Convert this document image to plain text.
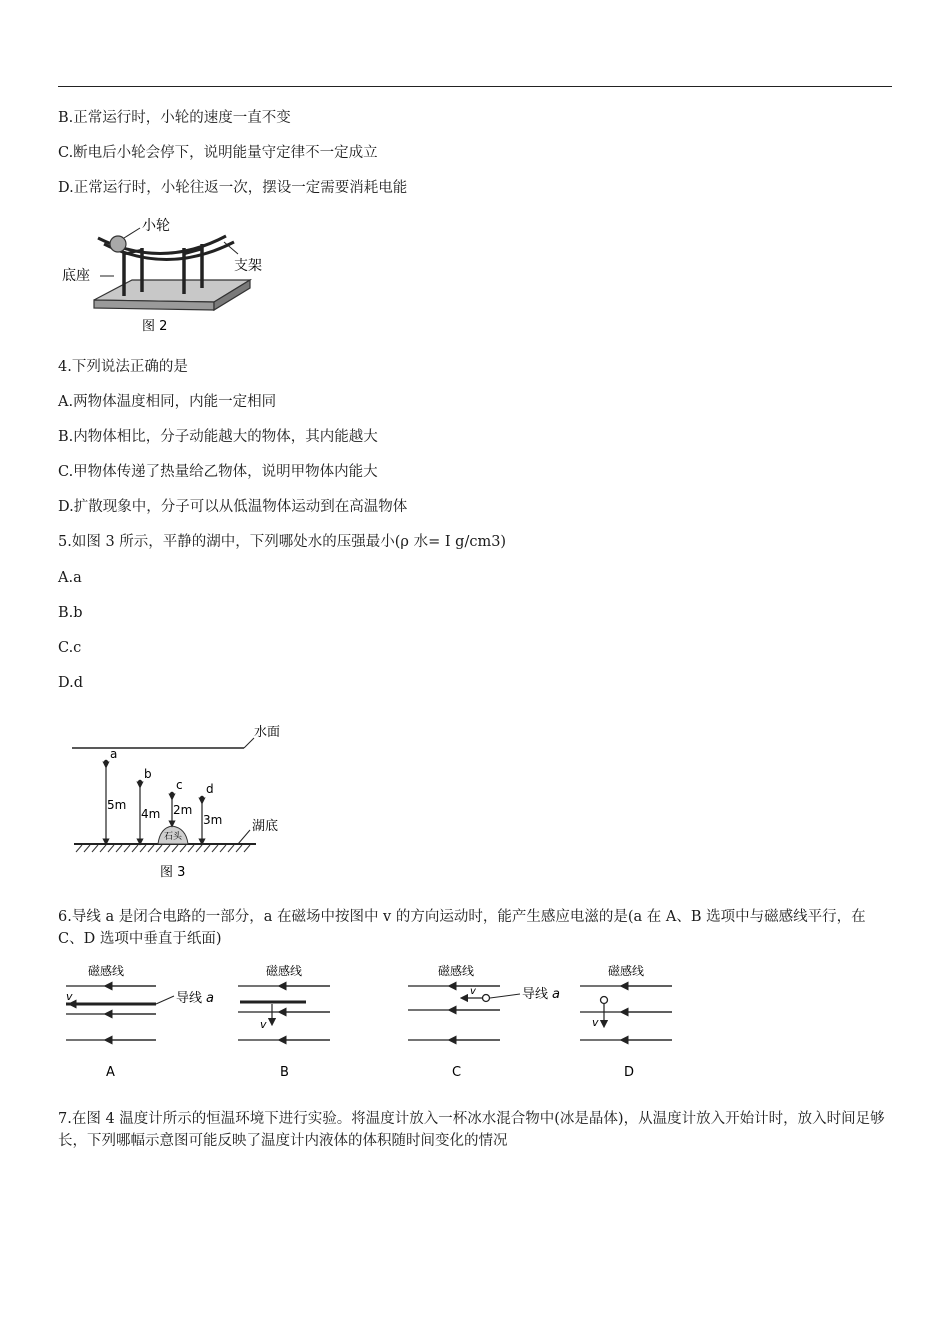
B.正常运行时，小轮的速度一直不变
C.断电后小轮会停下，说明能量守定律不一定成立
D.正常运行时，小轮往返一次，摆设一定需要消耗电能
小轮
支架
底座
图 2
4.下列说法正确的是
A.两物体温度相同，内能一定相同
B.内物体相比，分子动能越大的物体，其内能越大
C.甲物体传递了热量给乙物体，说明甲物体内能大
D.扩散现象中，分子可以从低温物体运动到在高温物体
5.如图 3 所示，平静的湖中，下列哪处水的压强最小(ρ 水= I g/cm3)
A.a
B.b
C.c
D.d
水面
湖底
石头
a
5m
b
4m
c
2m
d
3m
图 3
6.导线 a 是闭合电路的一部分，a 在磁场中按图中 v 的方向运动时，能产生感应电滋的是(a 在 A、B 选项中与磁感线平行，在 C、D 选项中垂直于纸面)
磁感线
v	导线 a
A
磁感线
v
B
磁感线
v	导线 a
C
磁感线
v
D
7.在图 4 温度计所示的恒温环境下进行实验。将温度计放入一杯冰水混合物中(冰是晶体)，从温度计放入开始计时，放入时间足够长，下列哪幅示意图可能反映了温度计内液体的体积随时间变化的情况
